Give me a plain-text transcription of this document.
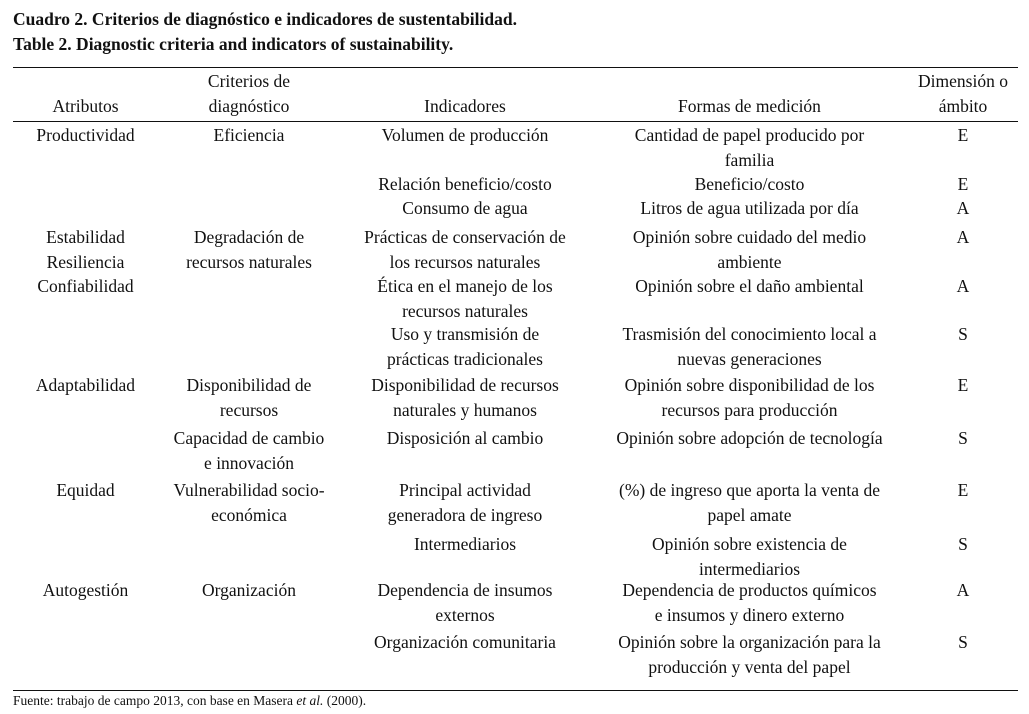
Cuadro 2. Criterios de diagnóstico e indicadores de sustentabilidad.
Table 2. Diagnostic criteria and indicators of sustainability.
Atributos
Criterios de
diagnóstico	Indicadores	Formas de medición
Dimensión o
ámbito
Productividad
Estabilidad
Resiliencia
Confiabilidad
Adaptabilidad
Equidad
Autogestión
Eficiencia
Degradación de
recursos naturales
Disponibilidad de
recursos
Capacidad de cambio
e innovación
Vulnerabilidad socio-
económica
Organización
Volumen de producción
Relación beneficio/costo
Consumo de agua
Prácticas de conservación de
los recursos naturales
Ética en el manejo de los
recursos naturales
Uso y transmisión de
prácticas tradicionales
Disponibilidad de recursos
naturales y humanos
Disposición al cambio
Principal actividad
generadora de ingreso
Intermediarios
Dependencia de insumos
externos
Organización comunitaria
Cantidad de papel producido por
familia
Beneficio/costo
Litros de agua utilizada por día
Opinión sobre cuidado del medio
ambiente
Opinión sobre el daño ambiental
Trasmisión del conocimiento local a
nuevas generaciones
Opinión sobre disponibilidad de los
recursos para producción
Opinión sobre adopción de tecnología
(%) de ingreso que aporta la venta de
papel amate
Opinión sobre existencia de
intermediarios
Dependencia de productos químicos
e insumos y dinero externo
Opinión sobre la organización para la
producción y venta del papel
E
E
A
A
A
S
E
S
E
S
A
S
Fuente: trabajo de campo 2013, con base en Masera et al. (2000).
